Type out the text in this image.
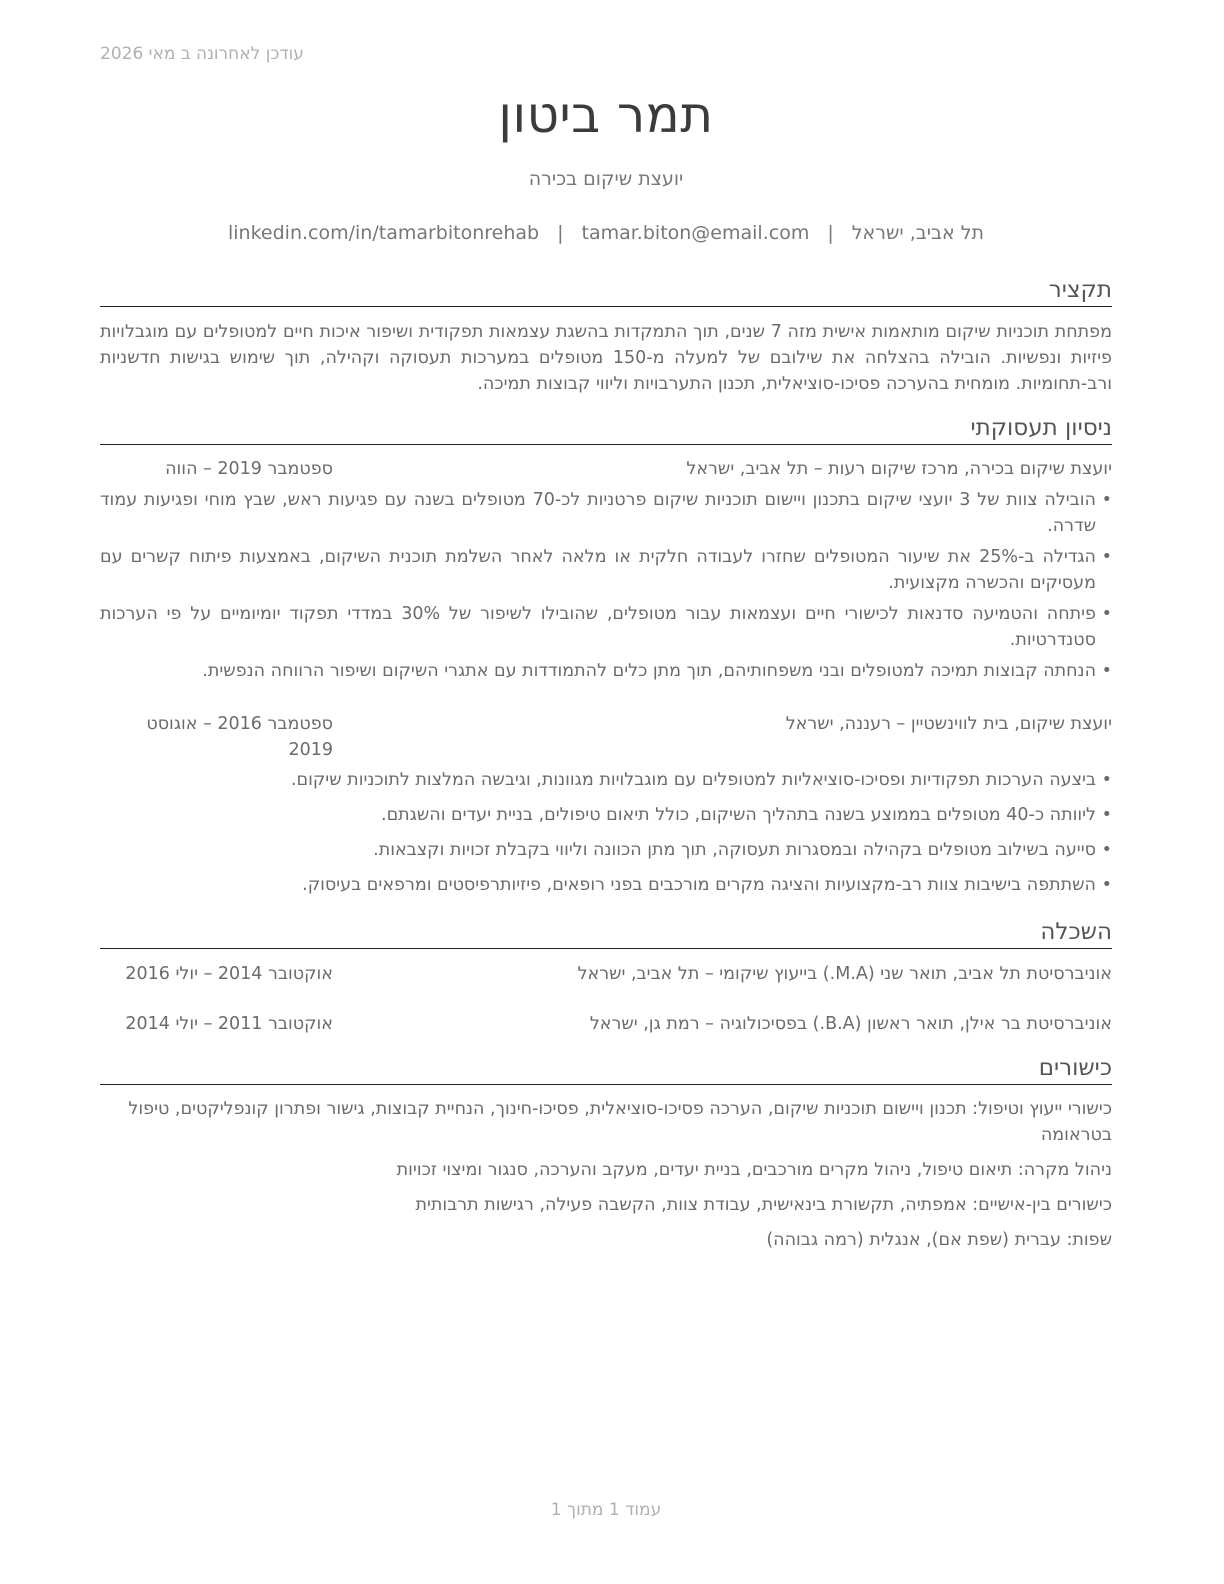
עודכן לאחרונה ב מאי 2026
תמר ביטון
יועצת שיקום בכירה
תל אביב, ישראל|tamar.biton@email.com|linkedin.com/in/tamarbitonrehab
תקציר
מפתחת תוכניות שיקום מותאמות אישית מזה 7 שנים, תוך התמקדות בהשגת עצמאות תפקודית ושיפור איכות חיים למטופלים עם מוגבלויות פיזיות ונפשיות. הובילה בהצלחה את שילובם של למעלה מ-150 מטופלים במערכות תעסוקה וקהילה, תוך שימוש בגישות חדשניות ורב-תחומיות. מומחית בהערכה פסיכו-סוציאלית, תכנון התערבויות וליווי קבוצות תמיכה.
ניסיון תעסוקתי
יועצת שיקום בכירה, מרכז שיקום רעות – תל אביב, ישראל
ספטמבר 2019 – הווה
•
הובילה צוות של 3 יועצי שיקום בתכנון ויישום תוכניות שיקום פרטניות לכ-70 מטופלים בשנה עם פגיעות ראש, שבץ מוחי ופגיעות עמוד שדרה.
•
הגדילה ב-25% את שיעור המטופלים שחזרו לעבודה חלקית או מלאה לאחר השלמת תוכנית השיקום, באמצעות פיתוח קשרים עם מעסיקים והכשרה מקצועית.
•
פיתחה והטמיעה סדנאות לכישורי חיים ועצמאות עבור מטופלים, שהובילו לשיפור של 30% במדדי תפקוד יומיומיים על פי הערכות סטנדרטיות.
•
הנחתה קבוצות תמיכה למטופלים ובני משפחותיהם, תוך מתן כלים להתמודדות עם אתגרי השיקום ושיפור הרווחה הנפשית.
יועצת שיקום, בית לווינשטיין – רעננה, ישראל
ספטמבר 2016 – אוגוסט 2019
•
ביצעה הערכות תפקודיות ופסיכו-סוציאליות למטופלים עם מוגבלויות מגוונות, וגיבשה המלצות לתוכניות שיקום.
•
ליוותה כ-40 מטופלים בממוצע בשנה בתהליך השיקום, כולל תיאום טיפולים, בניית יעדים והשגתם.
•
סייעה בשילוב מטופלים בקהילה ובמסגרות תעסוקה, תוך מתן הכוונה וליווי בקבלת זכויות וקצבאות.
•
השתתפה בישיבות צוות רב-מקצועיות והציגה מקרים מורכבים בפני רופאים, פיזיותרפיסטים ומרפאים בעיסוק.
השכלה
אוניברסיטת תל אביב, תואר שני (M.A.) בייעוץ שיקומי – תל אביב, ישראל
אוקטובר 2014 – יולי 2016
אוניברסיטת בר אילן, תואר ראשון (B.A.) בפסיכולוגיה – רמת גן, ישראל
אוקטובר 2011 – יולי 2014
כישורים

כישורי ייעוץ וטיפול: תכנון ויישום תוכניות שיקום, הערכה פסיכו-סוציאלית, פסיכו-חינוך, הנחיית קבוצות, גישור ופתרון קונפליקטים, טיפול בטראומה

ניהול מקרה: תיאום טיפול, ניהול מקרים מורכבים, בניית יעדים, מעקב והערכה, סנגור ומיצוי זכויות

כישורים בין-אישיים: אמפתיה, תקשורת בינאישית, עבודת צוות, הקשבה פעילה, רגישות תרבותית

שפות: עברית (שפת אם), אנגלית (רמה גבוהה)

עמוד 1 מתוך 1
